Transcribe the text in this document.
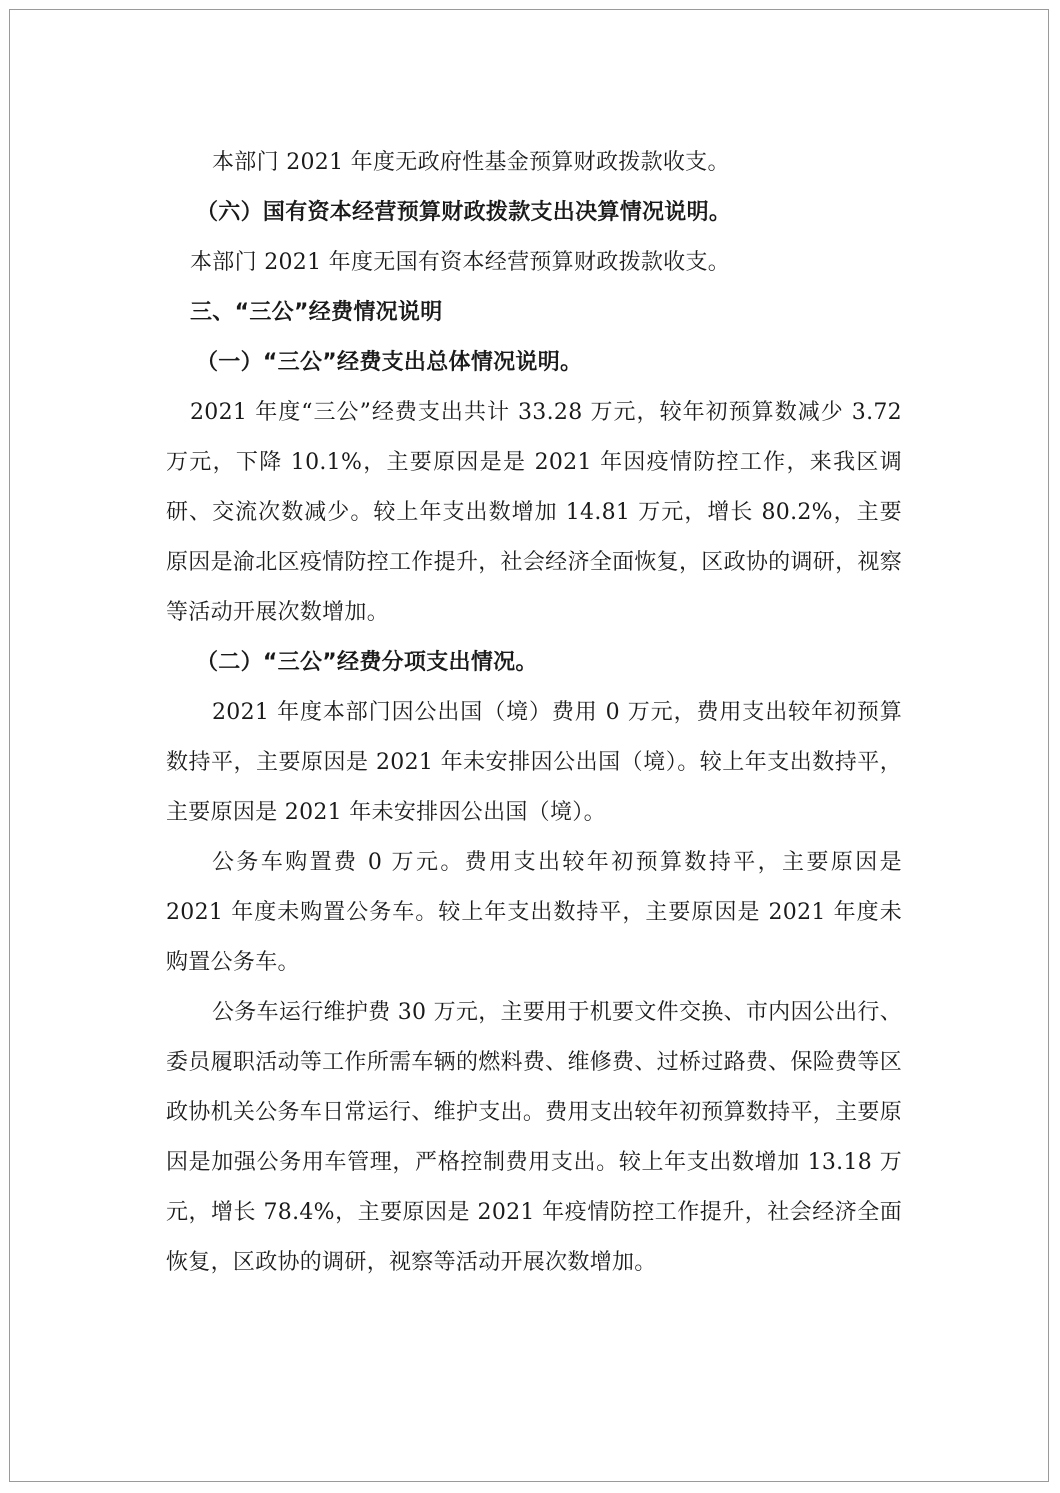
本部门 2021 年度无政府性基金预算财政拨款收支。

（六）国有资本经营预算财政拨款支出决算情况说明。

本部门 2021 年度无国有资本经营预算财政拨款收支。

三、“三公”经费情况说明

（一）“三公”经费支出总体情况说明。

2021 年度“三公”经费支出共计 33.28 万元，较年初预算数减少 3.72 万元，下降 10.1%，主要原因是是 2021 年因疫情防控工作，来我区调研、交流次数减少。较上年支出数增加 14.81 万元，增长 80.2%，主要原因是渝北区疫情防控工作提升，社会经济全面恢复，区政协的调研，视察等活动开展次数增加。

（二）“三公”经费分项支出情况。

2021 年度本部门因公出国（境）费用 0 万元，费用支出较年初预算数持平，主要原因是 2021 年未安排因公出国（境）。较上年支出数持平，主要原因是 2021 年未安排因公出国（境）。

公务车购置费 0 万元。费用支出较年初预算数持平，主要原因是 2021 年度未购置公务车。较上年支出数持平，主要原因是 2021 年度未购置公务车。

公务车运行维护费 30 万元，主要用于机要文件交换、市内因公出行、委员履职活动等工作所需车辆的燃料费、维修费、过桥过路费、保险费等区政协机关公务车日常运行、维护支出。费用支出较年初预算数持平，主要原因是加强公务用车管理，严格控制费用支出。较上年支出数增加 13.18 万元，增长 78.4%，主要原因是 2021 年疫情防控工作提升，社会经济全面恢复，区政协的调研，视察等活动开展次数增加。
